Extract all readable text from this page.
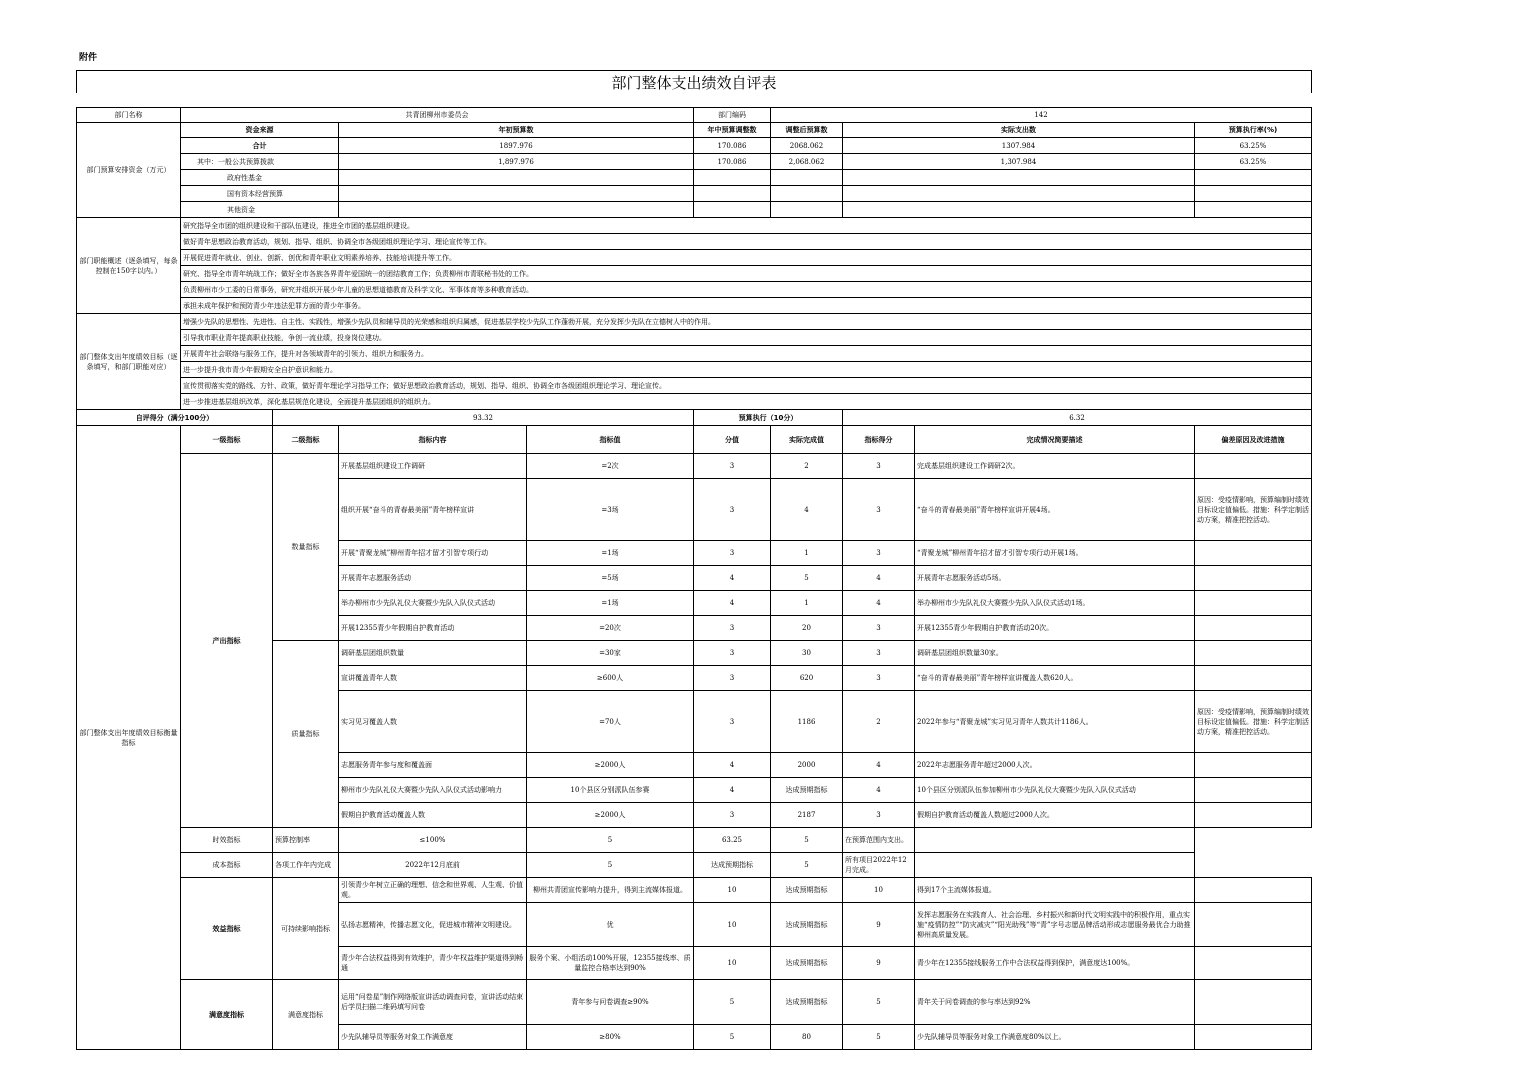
附件
部门整体支出绩效自评表
部门名称	共青团柳州市委员会				部门编码	142			
部门预算安排资金（万元）	资金来源		年初预算数		年中预算调整数	调整后预算数	实际支出数		预算执行率(%)
	合计		1897.976		170.086	2068.062	1307.984		63.25%
	其中：一般公共预算拨款		1,897.976		170.086	2,068.062	1,307.984		63.25%
	政府性基金								
	国有资本经营预算								
	其他资金								
部门职能概述（逐条填写，每条控制在150字以内。）	研究指导全市团的组织建设和干部队伍建设，推进全市团的基层组织建设。								
	做好青年思想政治教育活动，规划、指导、组织、协调全市各级团组织理论学习、理论宣传等工作。								
	开展促进青年就业、创业、创新、创优和青年职业文明素养培养、技能培训提升等工作。								
	研究、指导全市青年统战工作；做好全市各族各界青年爱国统一的团结教育工作；负责柳州市青联秘书处的工作。								
	负责柳州市少工委的日常事务，研究并组织开展少年儿童的思想道德教育及科学文化、军事体育等多种教育活动。								
	承担未成年保护和预防青少年违法犯罪方面的青少年事务。								
部门整体支出年度绩效目标（逐条填写，和部门职能对应）	增强少先队的思想性、先进性、自主性、实践性，增强少先队员和辅导员的光荣感和组织归属感，促进基层学校少先队工作蓬勃开展，充分发挥少先队在立德树人中的作用。								
	引导我市职业青年提高职业技能，争创一流业绩，投身岗位建功。								
	开展青年社会联络与服务工作，提升对各领域青年的引领力、组织力和服务力。								
	进一步提升我市青少年假期安全自护意识和能力。								
	宣传贯彻落实党的路线、方针、政策，做好青年理论学习指导工作；做好思想政治教育活动，规划、指导、组织、协调全市各级团组织理论学习、理论宣传。								
	进一步推进基层组织改革，深化基层规范化建设，全面提升基层团组织的组织力。								
自评得分（满分100分）		93.32			预算执行（10分）		6.32		
部门整体支出年度绩效目标衡量指标	一级指标	二级指标	指标内容	指标值	分值	实际完成值	指标得分	完成情况简要描述	偏差原因及改进措施
	产出指标	数量指标	开展基层组织建设工作调研	=2次	3	2	3	完成基层组织建设工作调研2次。	
			组织开展“奋斗的青春最美丽”青年榜样宣讲	=3场	3	4	3	“奋斗的青春最美丽”青年榜样宣讲开展4场。	原因：受疫情影响，预算编制时绩效目标设定值偏低。措施：科学定制活动方案，精准把控活动。
			开展“青聚龙城”柳州青年招才留才引智专项行动	=1场	3	1	3	“青聚龙城”柳州青年招才留才引智专项行动开展1场。	
			开展青年志愿服务活动	=5场	4	5	4	开展青年志愿服务活动5场。	
			举办柳州市少先队礼仪大赛暨少先队入队仪式活动	=1场	4	1	4	举办柳州市少先队礼仪大赛暨少先队入队仪式活动1场。	
			开展12355青少年假期自护教育活动	=20次	3	20	3	开展12355青少年假期自护教育活动20次。	
		质量指标	调研基层团组织数量	=30家	3	30	3	调研基层团组织数量30家。	
			宣讲覆盖青年人数	≥600人	3	620	3	“奋斗的青春最美丽”青年榜样宣讲覆盖人数620人。	
			实习见习覆盖人数	=70人	3	1186	2	2022年参与“青聚龙城”实习见习青年人数共计1186人。	原因：受疫情影响，预算编制时绩效目标设定值偏低。措施：科学定制活动方案，精准把控活动。
			志愿服务青年参与度和覆盖面	≥2000人	4	2000	4	2022年志愿服务青年超过2000人次。	
			柳州市少先队礼仪大赛暨少先队入队仪式活动影响力	10个县区分别派队伍参赛	4	达成预期指标	4	10个县区分别派队伍参加柳州市少先队礼仪大赛暨少先队入队仪式活动	
			假期自护教育活动覆盖人数	≥2000人	3	2187	3	假期自护教育活动覆盖人数超过2000人次。	
	时效指标	预算控制率	≤100%	5	63.25	5	在预算范围内支出。		
	成本指标	各项工作年内完成	2022年12月底前	5	达成预期指标	5	所有项目2022年12月完成。		
	效益指标	可持续影响指标	引领青少年树立正确的理想、信念和世界观、人生观、价值观。	柳州共青团宣传影响力提升，得到主流媒体报道。	10	达成预期指标	10	得到17个主流媒体报道。	
			弘扬志愿精神，传播志愿文化，促进城市精神文明建设。	优	10	达成预期指标	9	发挥志愿服务在实践育人、社会治理、乡村振兴和新时代文明实践中的积极作用，重点实施“疫情防控”“防灾减灾”“阳光助残”等“青”字号志愿品牌活动形成志愿服务最优合力助推柳州高质量发展。	
			青少年合法权益得到有效维护，青少年权益维护渠道得到畅通	服务个案、小组活动100%开展，12355接线率、质量监控合格率达到90%	10	达成预期指标	9	青少年在12355接线服务工作中合法权益得到保护，满意度达100%。	
	满意度指标	满意度指标	运用“问卷星”制作网络版宣讲活动调查问卷，宣讲活动结束后学员扫描二维码填写问卷	青年参与问卷调查≥90%	5	达成预期指标	5	青年关于问卷调查的参与率达到92%	
			少先队辅导员等服务对象工作满意度	≥80%	5	80	5	少先队辅导员等服务对象工作满意度80%以上。	
